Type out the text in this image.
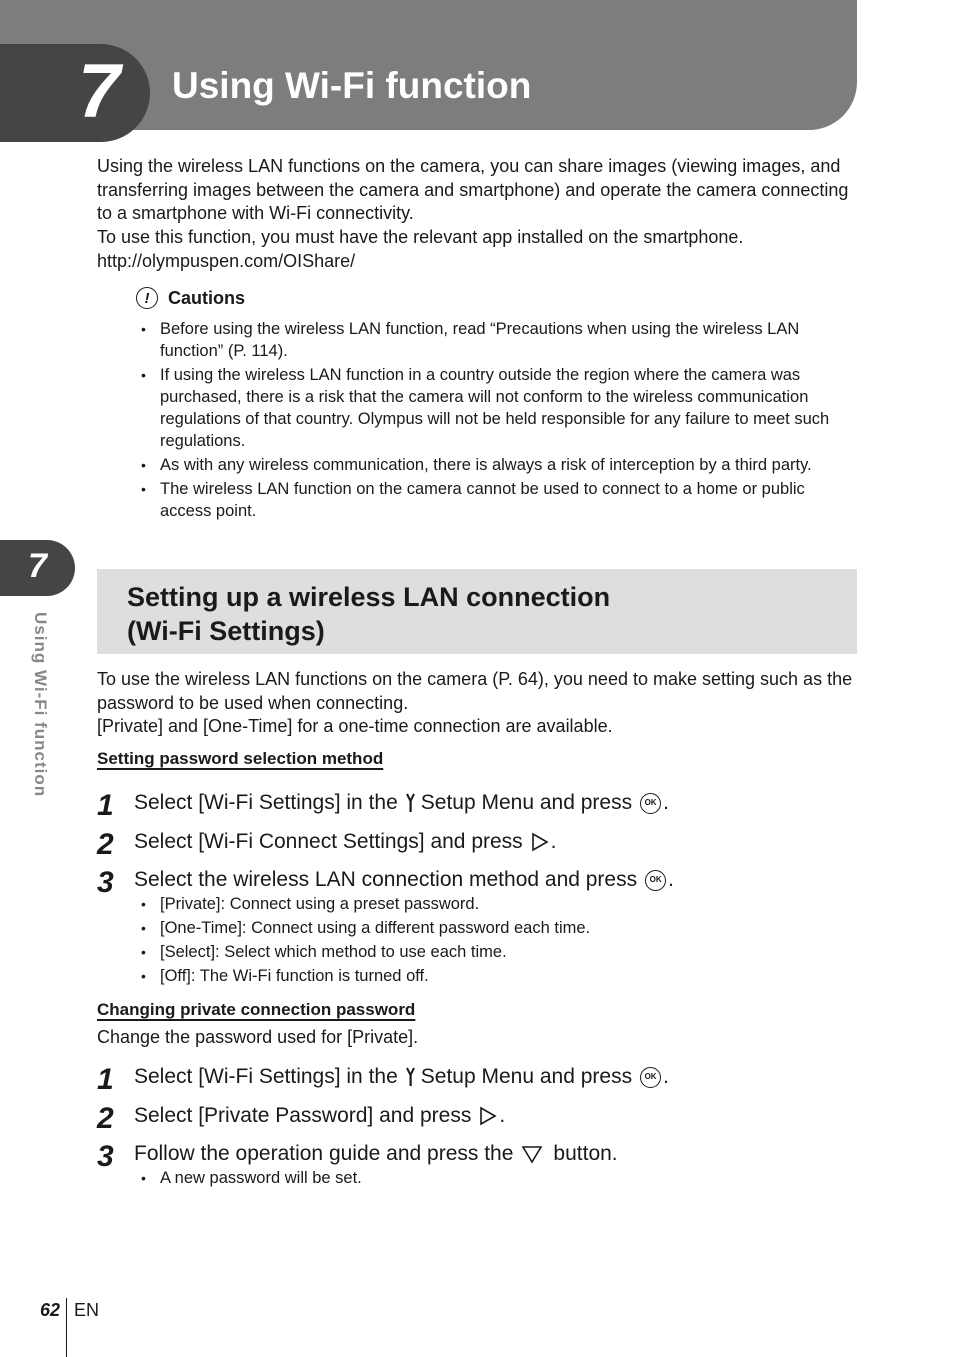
7 Using Wi-Fi function
7
Using Wi-Fi function

Using the wireless LAN functions on the camera, you can share images (viewing images, and transferring images between the camera and smartphone) and operate the camera connecting to a smartphone with Wi-Fi connectivity.

To use this function, you must have the relevant app installed on the smartphone.

http://olympuspen.com/OIShare/

!	Cautions
• Before using the wireless LAN function, read “Precautions when using the wireless LAN function” (P. 114).
• If using the wireless LAN function in a country outside the region where the camera was purchased, there is a risk that the camera will not conform to the wireless communication regulations of that country. Olympus will not be held responsible for any failure to meet such regulations.
• As with any wireless communication, there is always a risk of interception by a third party.
• The wireless LAN function on the camera cannot be used to connect to a home or public access point.
Setting up a wireless LAN connection
(Wi-Fi Settings)

To use the wireless LAN functions on the camera (P. 64), you need to make setting such as the password to be used when connecting.

[Private] and [One-Time] for a one-time connection are available.

Setting password selection method
1 Select [Wi-Fi Settings] in the Setup Menu and press	OK .
2 Select [Wi-Fi Connect Settings] and press .
3 Select the wireless LAN connection method and press	OK .
• [Private]: Connect using a preset password.
• [One-Time]: Connect using a different password each time.
• [Select]: Select which method to use each time.
• [Off]: The Wi-Fi function is turned off.
Changing private connection password

Change the password used for [Private].

1 Select [Wi-Fi Settings] in the Setup Menu and press	OK .
2 Select [Private Password] and press .
3 Follow the operation guide and press the button.
• A new password will be set.
62 EN
